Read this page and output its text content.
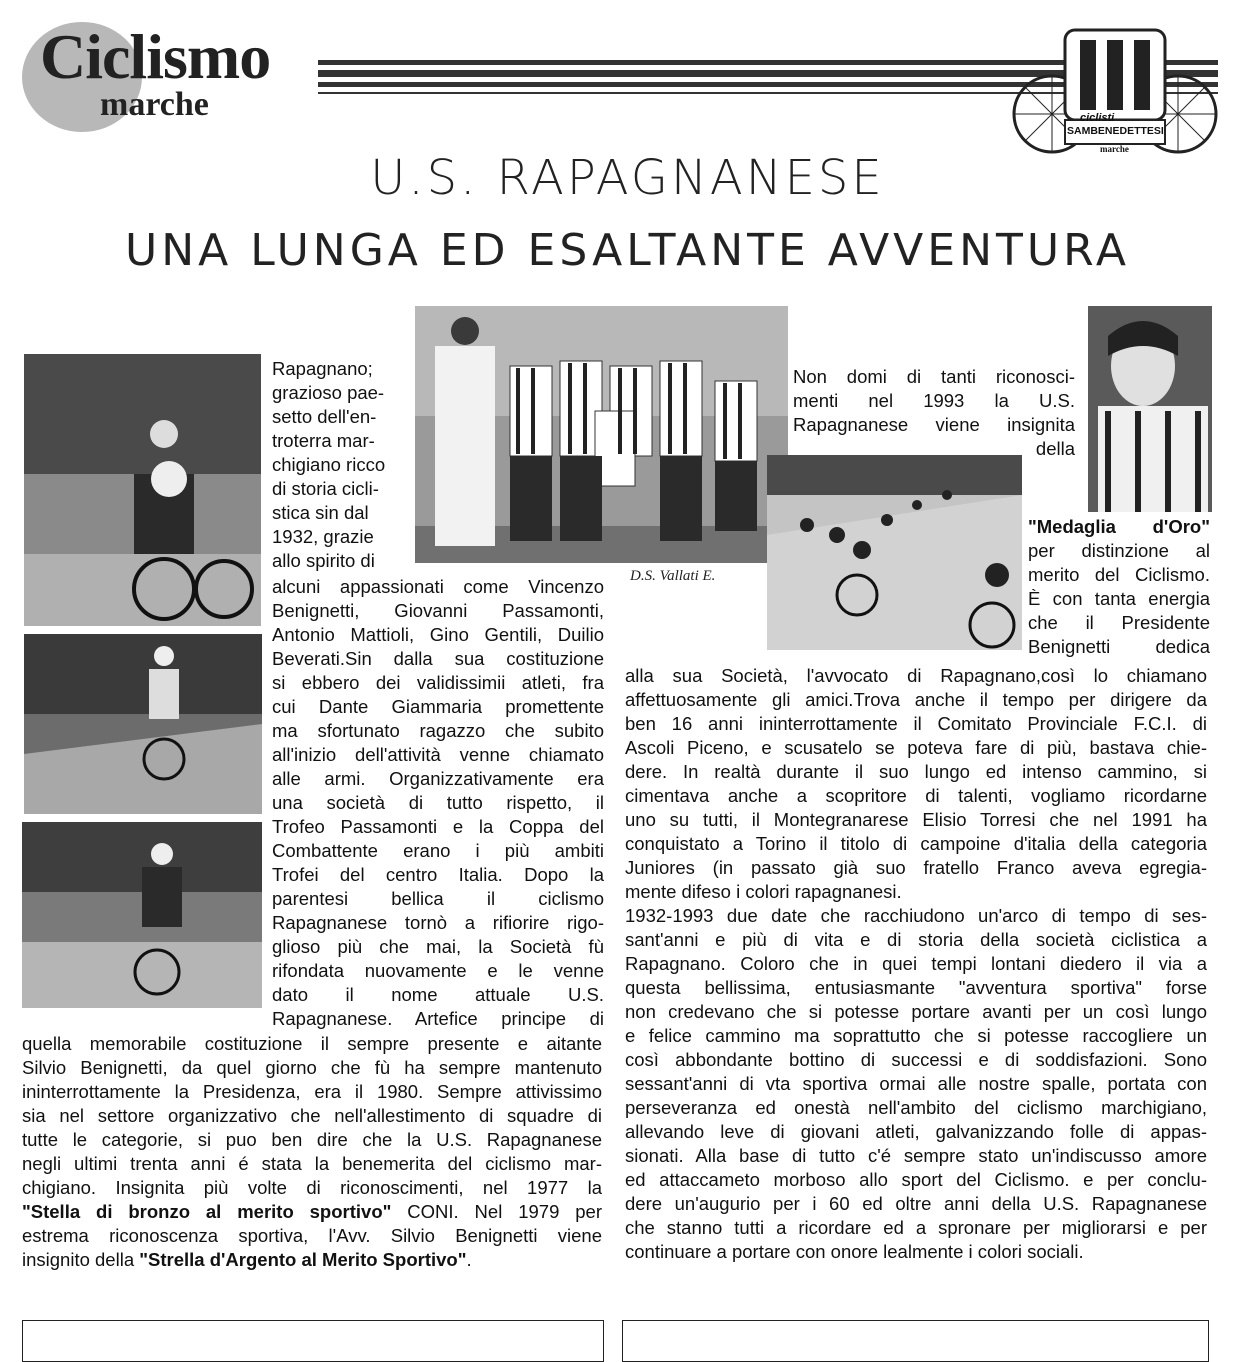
Ciclismo
marche	ciclisti
SAMBENEDETTESI
marche
U.S. RAPAGNANESE
UNA LUNGA ED ESALTANTE AVVENTURA
D.S. Vallati E.
Rapagnano;
grazioso pae-
setto dell'en-
troterra mar-
chigiano ricco
di storia cicli-
stica sin dal
1932, grazie
allo spirito di
alcuni appassionati come Vincenzo
Benignetti, Giovanni Passamonti,
Antonio Mattioli, Gino Gentili, Duilio
Beverati.Sin dalla sua costituzione
si ebbero dei validissimii atleti, fra
cui Dante Giammaria promettente
ma sfortunato ragazzo che subito
all'inizio dell'attività venne chiamato
alle armi. Organizzativamente era
una società di tutto rispetto, il
Trofeo Passamonti e la Coppa del
Combattente erano i più ambiti
Trofei del centro Italia. Dopo la
parentesi bellica il ciclismo
Rapagnanese tornò a rifiorire rigo-
glioso più che mai, la Società fù
rifondata nuovamente e le venne
dato il nome attuale U.S.
Rapagnanese. Artefice principe di
quella memorabile costituzione il sempre presente e aitante
Silvio Benignetti, da quel giorno che fù ha sempre mantenuto
ininterrottamente la Presidenza, era il 1980. Sempre attivissimo
sia nel settore organizzativo che nell'allestimento di squadre di
tutte le categorie, si puo ben dire che la U.S. Rapagnanese
negli ultimi trenta anni é stata la benemerita del ciclismo mar-
chigiano. Insignita più volte di riconoscimenti, nel 1977 la
"Stella di bronzo al merito sportivo" CONI. Nel 1979 per
estrema riconoscenza sportiva, l'Avv. Silvio Benignetti viene
insignito della "Strella d'Argento al Merito Sportivo".
Non domi di tanti riconosci-
menti nel 1993 la U.S.
Rapagnanese viene insignita
della
"Medaglia d'Oro"
per distinzione al
merito del Ciclismo.
È con tanta energia
che il Presidente
Benignetti dedica
alla sua Società, l'avvocato di Rapagnano,così lo chiamano
affettuosamente gli amici.Trova anche il tempo per dirigere da
ben 16 anni ininterrottamente il Comitato Provinciale F.C.I. di
Ascoli Piceno, e scusatelo se poteva fare di più, bastava chie-
dere. In realtà durante il suo lungo ed intenso cammino, si
cimentava anche a scopritore di talenti, vogliamo ricordarne
uno su tutti, il Montegranarese Elisio Torresi che nel 1991 ha
conquistato a Torino il titolo di campoine d'italia della categoria
Juniores (in passato già suo fratello Franco aveva egregia-
mente difeso i colori rapagnanesi.
1932-1993 due date che racchiudono un'arco di tempo di ses-
sant'anni e più di vita e di storia della società ciclistica a
Rapagnano. Coloro che in quei tempi lontani diedero il via a
questa bellissima, entusiasmante "avventura sportiva" forse
non credevano che si potesse portare avanti per un così lungo
e felice cammino ma soprattutto che si potesse raccogliere un
così abbondante bottino di successi e di soddisfazioni. Sono
sessant'anni di vta sportiva ormai alle nostre spalle, portata con
perseveranza ed onestà nell'ambito del ciclismo marchigiano,
allevando leve di giovani atleti, galvanizzando folle di appas-
sionati. Alla base di tutto c'é sempre stato un'indiscusso amore
ed attaccameto morboso allo sport del Ciclismo. e per conclu-
dere un'augurio per i 60 ed oltre anni della U.S. Rapagnanese
che stanno tutti a ricordare ed a spronare per migliorarsi e per
continuare a portare con onore lealmente i colori sociali.
